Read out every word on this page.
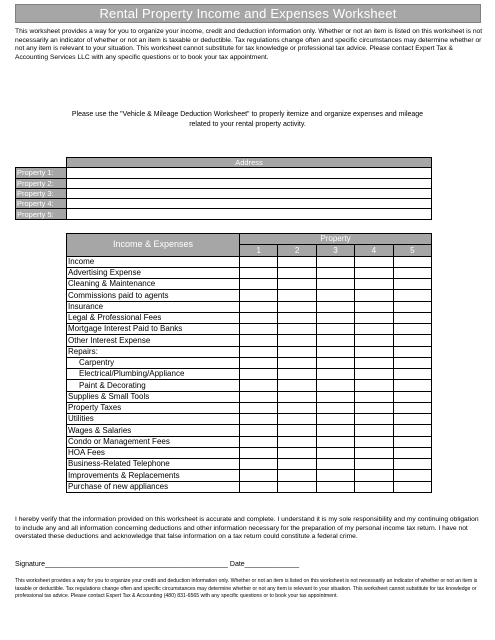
Rental Property Income and Expenses Worksheet
This worksheet provides a way for you to organize your income, credit and deduction information only. Whether or not an item is listed on this worksheet is not necessarily an indicator of whether or not an item is taxable or deductible. Tax regulations change often and specific circumstances may determine whether or not any item is relevant to your situation. This worksheet cannot substitute for tax knowledge or professional tax advice. Please contact Expert Tax & Accounting Services LLC with any specific questions or to book your tax appointment.
Please use the "Vehicle & Mileage Deduction Worksheet" to properly itemize and organize expenses and mileage related to your rental property activity.
	Address
Property 1:	
Property 2:	
Property 3:	
Property 4:	
Property 5:	
Income & Expenses	Property				
	1	2	3	4	5
Income					
Advertising Expense					
Cleaning & Maintenance					
Commissions paid to agents					
Insurance					
Legal & Professional Fees					
Mortgage Interest Paid to Banks					
Other Interest Expense					
Repairs:					
Carpentry					
Electrical/Plumbing/Appliance					
Paint & Decorating					
Supplies & Small Tools					
Property Taxes					
Utilities					
Wages & Salaries					
Condo or Management Fees					
HOA Fees					
Business-Related Telephone					
Improvements & Replacements					
Purchase of new appliances					
I hereby verify that the information provided on this worksheet is accurate and complete. I understand it is my sole responsibility and my continuing obligation to include any and all information concerning deductions and other information necessary for the preparation of my personal income tax return. I have not overstated these deductions and acknowledge that false information on a tax return could constitute a federal crime.
Signature_______________________________________________ Date______________
This worksheet provides a way for you to organize your credit and deduction information only. Whether or not an item is listed on this worksheet is not necessarily an indicator of whether or not an item is taxable or deductible. Tax regulations change often and specific circumstances may determine whether or not any item is relevant to your situation. This worksheet cannot substitute for tax knowledge or professional tax advice. Please contact Expert Tax & Accounting (480) 831-6565 with any specific questions or to book your tax appointment.
